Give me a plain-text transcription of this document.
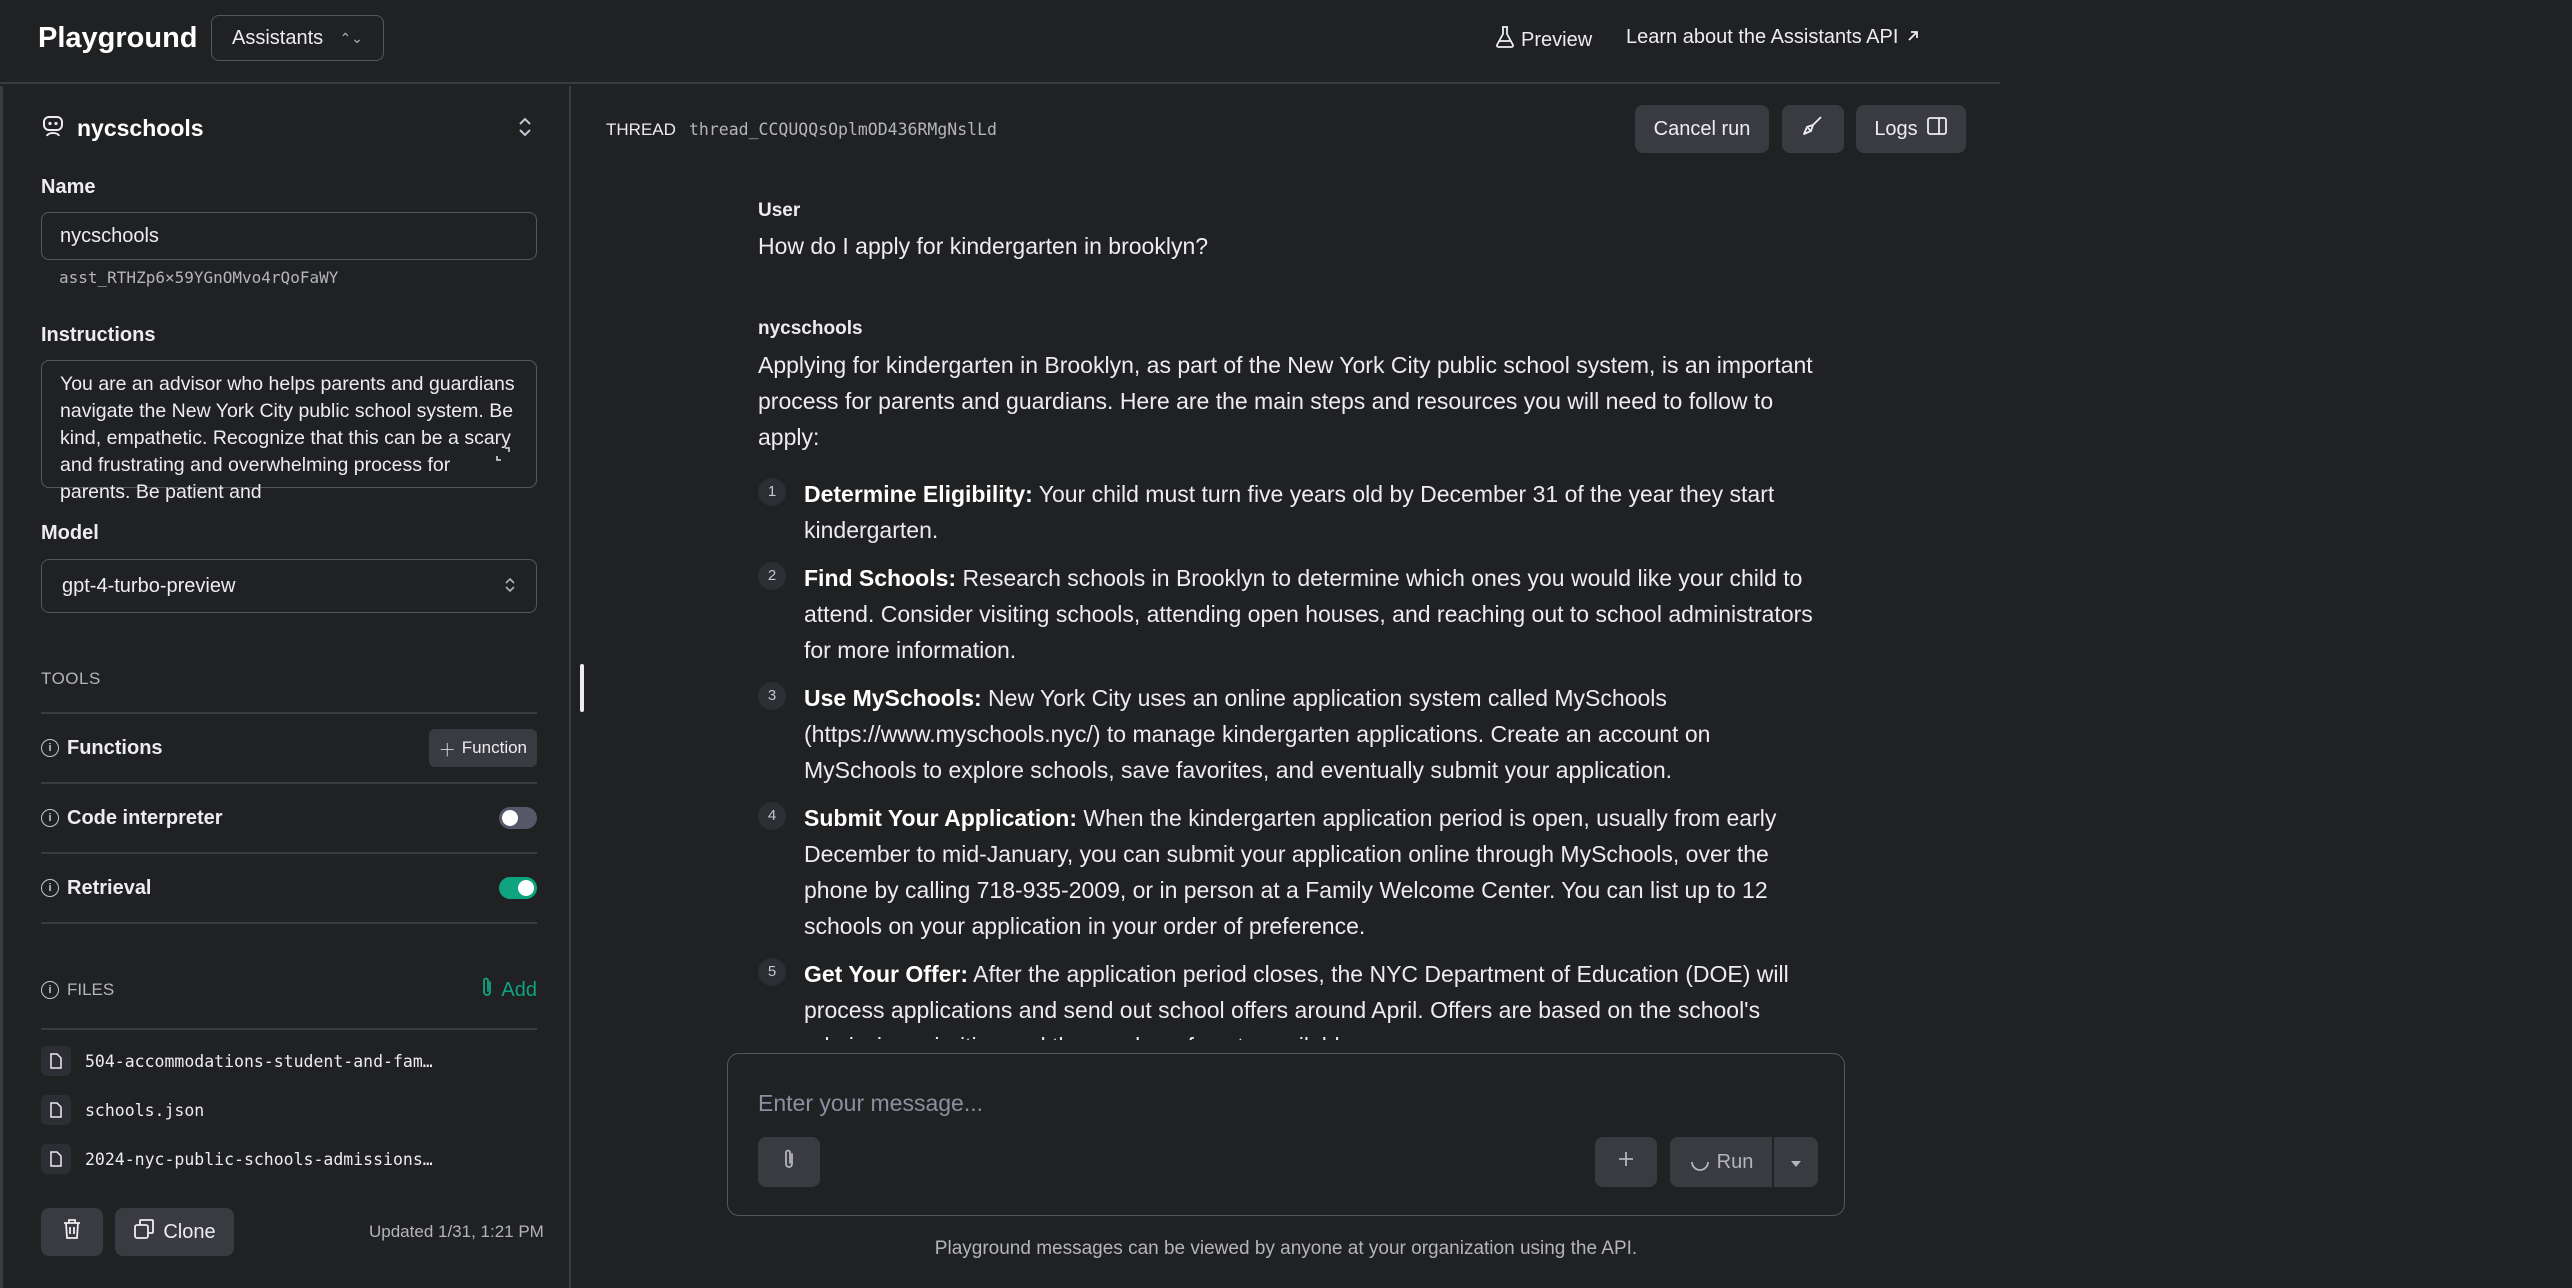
Playground Assistants ⌃⌄	Preview Learn about the Assistants API
nycschools
Name
nycschools
asst_RTHZp6×59YGnOMvo4rQoFaWY
Instructions
You are an advisor who helps parents and guardians navigate the New York City public school system. Be kind, empathetic. Recognize that this can be a scary and frustrating and overwhelming process for parents. Be patient and
Model
gpt-4-turbo-preview
TOOLS
i Functions	＋ Function
i Code interpreter
i Retrieval
i FILES	Add
504-accommodations-student-and-fam…
schools.json
2024-nyc-public-schools-admissions…
Clone	Updated 1/31, 1:21 PM
THREAD thread_CCQUQQsOplmOD436RMgNslLd	Cancel run	Logs
User
How do I apply for kindergarten in brooklyn?
nycschools
Applying for kindergarten in Brooklyn, as part of the New York City public school system, is an important process for parents and guardians. Here are the main steps and resources you will need to follow to apply:
1	Determine Eligibility: Your child must turn five years old by December 31 of the year they start kindergarten.
2	Find Schools: Research schools in Brooklyn to determine which ones you would like your child to attend. Consider visiting schools, attending open houses, and reaching out to school administrators for more information.
3	Use MySchools: New York City uses an online application system called MySchools (https://www.myschools.nyc/) to manage kindergarten applications. Create an account on MySchools to explore schools, save favorites, and eventually submit your application.
4	Submit Your Application: When the kindergarten application period is open, usually from early December to mid-January, you can submit your application online through MySchools, over the phone by calling 718-935-2009, or in person at a Family Welcome Center. You can list up to 12 schools on your application in your order of preference.
5	Get Your Offer: After the application period closes, the NYC Department of Education (DOE) will process applications and send out school offers around April. Offers are based on the school's
Enter your message...
Run
Playground messages can be viewed by anyone at your organization using the API.
